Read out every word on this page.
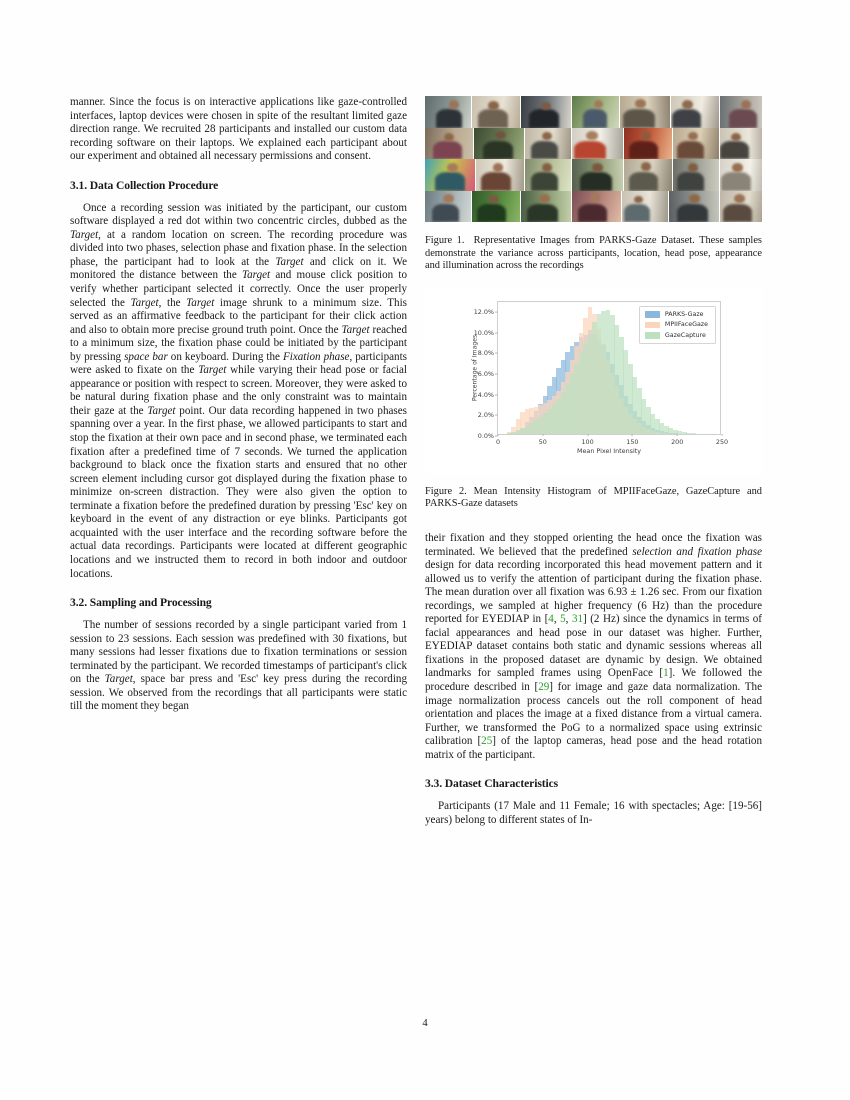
manner. Since the focus is on interactive applications like gaze-controlled interfaces, laptop devices were chosen in spite of the resultant limited gaze direction range. We recruited 28 participants and installed our custom data recording software on their laptops. We explained each participant about our experiment and obtained all necessary permissions and consent.

3.1. Data Collection Procedure

Once a recording session was initiated by the participant, our custom software displayed a red dot within two concentric circles, dubbed as the Target, at a random location on screen. The recording procedure was divided into two phases, selection phase and fixation phase. In the selection phase, the participant had to look at the Target and click on it. We monitored the distance between the Target and mouse click position to verify whether participant selected it correctly. Once the user properly selected the Target, the Target image shrunk to a minimum size. This served as an affirmative feedback to the participant for their click action and also to obtain more precise ground truth point. Once the Target reached to a minimum size, the fixation phase could be initiated by the participant by pressing space bar on keyboard. During the Fixation phase, participants were asked to fixate on the Target while varying their head pose or facial appearance or position with respect to screen. Moreover, they were asked to be natural during fixation phase and the only constraint was to maintain their gaze at the Target point. Our data recording happened in two phases spanning over a year. In the first phase, we allowed participants to start and stop the fixation at their own pace and in second phase, we terminated each fixation after a predefined time of 7 seconds. We turned the application background to black once the fixation starts and ensured that no other screen element including cursor got displayed during the fixation phase to minimize on-screen distraction. They were also given the option to terminate a fixation before the predefined duration by pressing 'Esc' key on keyboard in the event of any distraction or eye blinks. Participants got acquainted with the user interface and the recording software before the actual data recordings. Participants were located at different geographic locations and we instructed them to record in both indoor and outdoor locations.

3.2. Sampling and Processing

The number of sessions recorded by a single participant varied from 1 session to 23 sessions. Each session was predefined with 30 fixations, but many sessions had lesser fixations due to fixation terminations or session terminated by the participant. We recorded timestamps of participant's click on the Target, space bar press and 'Esc' key press during the recording session. We observed from the recordings that all participants were static till the moment they began

Figure 1. Representative Images from PARKS-Gaze Dataset. These samples demonstrate the variance across participants, location, head pose, appearance and illumination across the recordings

Percentage of Images
0.0%
2.0%
4.0%
6.0%
8.0%
10.0%
12.0%
0	50	100	150	200	250
Mean Pixel Intensity
PARKS-Gaze
MPIIFaceGaze
GazeCapture

Figure 2. Mean Intensity Histogram of MPIIFaceGaze, GazeCapture and PARKS-Gaze datasets

their fixation and they stopped orienting the head once the fixation was terminated. We believed that the predefined selection and fixation phase design for data recording incorporated this head movement pattern and it allowed us to verify the attention of participant during the fixation phase. The mean duration over all fixation was 6.93 ± 1.26 sec. From our fixation recordings, we sampled at higher frequency (6 Hz) than the procedure reported for EYEDIAP in [4, 5, 31] (2 Hz) since the dynamics in terms of facial appearances and head pose in our dataset was higher. Further, EYEDIAP dataset contains both static and dynamic sessions whereas all fixations in the proposed dataset are dynamic by design. We obtained landmarks for sampled frames using OpenFace [1]. We followed the procedure described in [29] for image and gaze data normalization. The image normalization process cancels out the roll component of head orientation and places the image at a fixed distance from a virtual camera. Further, we transformed the PoG to a normalized space using extrinsic calibration [25] of the laptop cameras, head pose and the head rotation matrix of the participant.

3.3. Dataset Characteristics

Participants (17 Male and 11 Female; 16 with spectacles; Age: [19-56] years) belong to different states of In-

4
